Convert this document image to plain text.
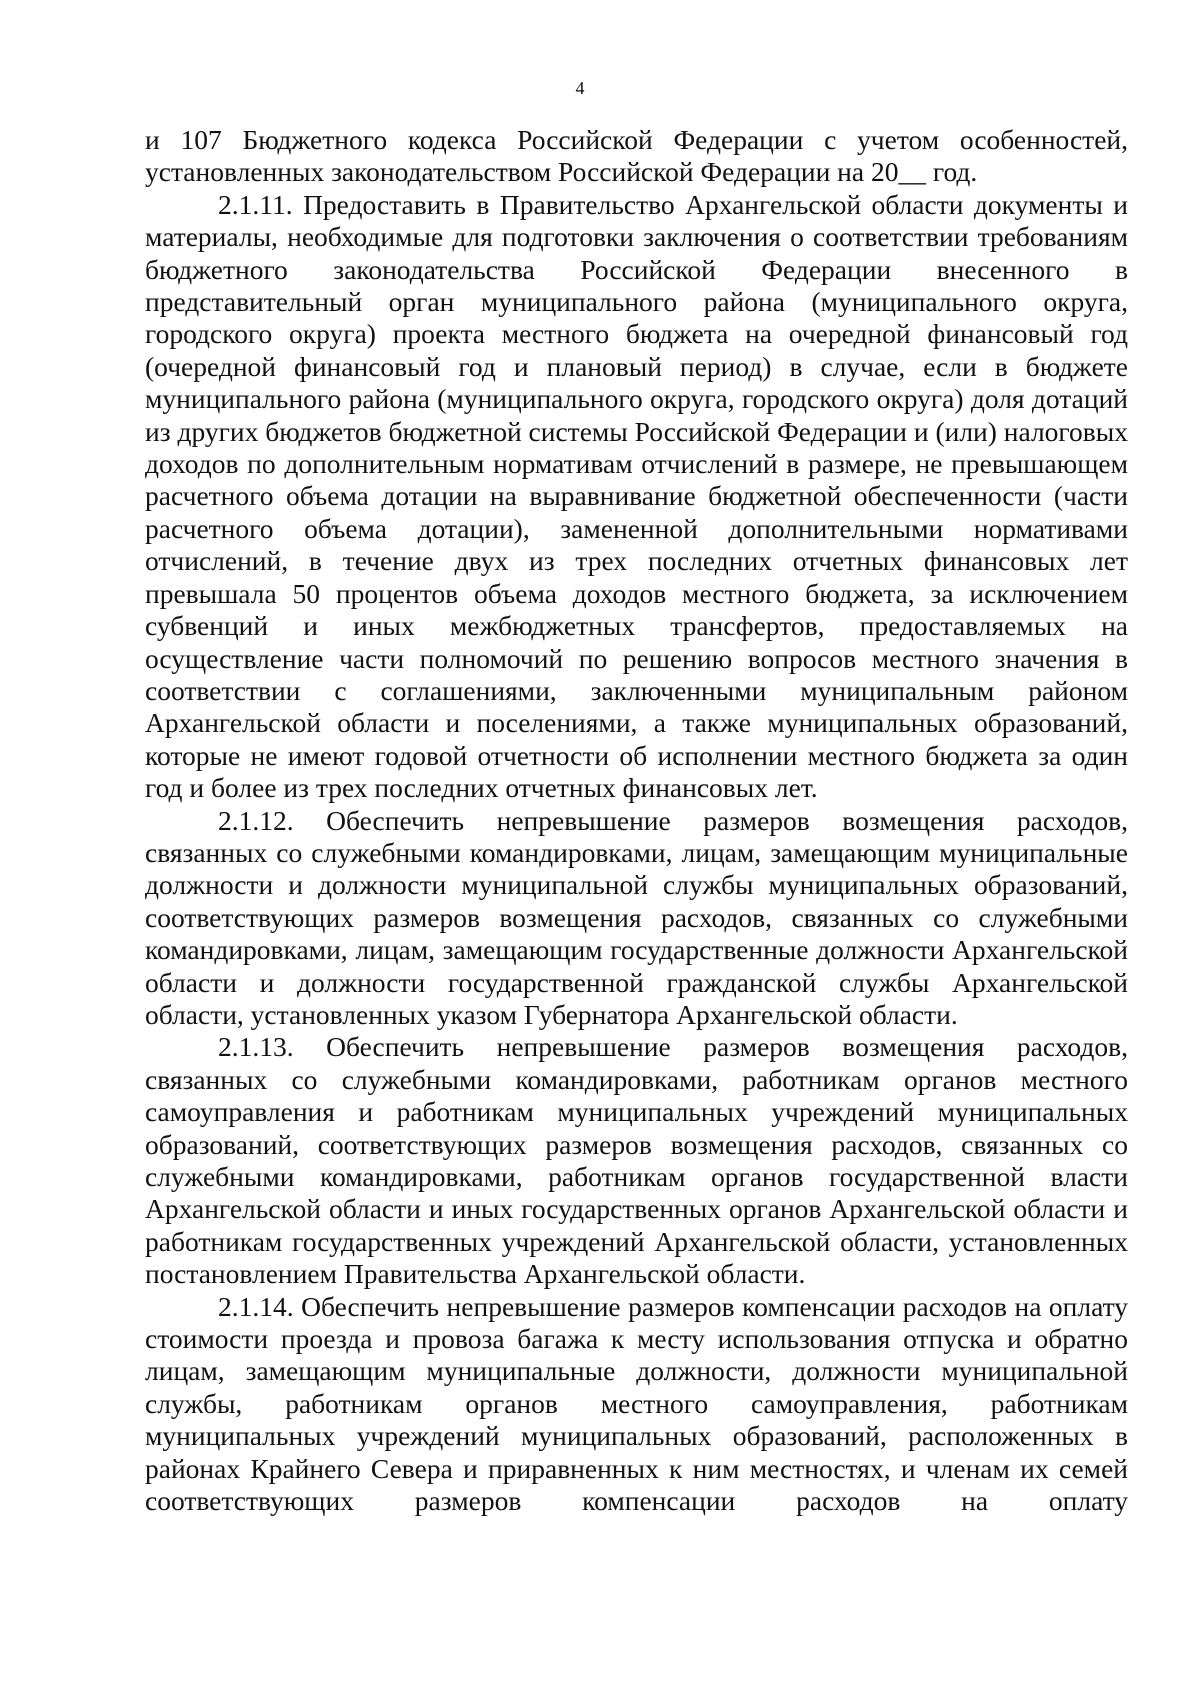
4

и 107 Бюджетного кодекса Российской Федерации с учетом особенностей, установленных законодательством Российской Федерации на 20__ год.

2.1.11. Предоставить в Правительство Архангельской области документы и материалы, необходимые для подготовки заключения о соответствии требованиям бюджетного законодательства Российской Федерации внесенного в представительный орган муниципального района (муниципального округа, городского округа) проекта местного бюджета на очередной финансовый год (очередной финансовый год и плановый период) в случае, если в бюджете муниципального района (муниципального округа, городского округа) доля дотаций из других бюджетов бюджетной системы Российской Федерации и (или) налоговых доходов по дополнительным нормативам отчислений в размере, не превышающем расчетного объема дотации на выравнивание бюджетной обеспеченности (части расчетного объема дотации), замененной дополнительными нормативами отчислений, в течение двух из трех последних отчетных финансовых лет превышала 50 процентов объема доходов местного бюджета, за исключением субвенций и иных межбюджетных трансфертов, предоставляемых на осуществление части полномочий по решению вопросов местного значения в соответствии с соглашениями, заключенными муниципальным районом Архангельской области и поселениями, а также муниципальных образований, которые не имеют годовой отчетности об исполнении местного бюджета за один год и более из трех последних отчетных финансовых лет.

2.1.12. Обеспечить непревышение размеров возмещения расходов, связанных со служебными командировками, лицам, замещающим муниципальные должности и должности муниципальной службы муниципальных образований, соответствующих размеров возмещения расходов, связанных со служебными командировками, лицам, замещающим государственные должности Архангельской области и должности государственной гражданской службы Архангельской области, установленных указом Губернатора Архангельской области.

2.1.13. Обеспечить непревышение размеров возмещения расходов, связанных со служебными командировками, работникам органов местного самоуправления и работникам муниципальных учреждений муниципальных образований, соответствующих размеров возмещения расходов, связанных со служебными командировками, работникам органов государственной власти Архангельской области и иных государственных органов Архангельской области и работникам государственных учреждений Архангельской области, установленных постановлением Правительства Архангельской области.

2.1.14. Обеспечить непревышение размеров компенсации расходов на оплату стоимости проезда и провоза багажа к месту использования отпуска и обратно лицам, замещающим муниципальные должности, должности муниципальной службы, работникам органов местного самоуправления, работникам муниципальных учреждений муниципальных образований, расположенных в районах Крайнего Севера и приравненных к ним местностях, и членам их семей соответствующих размеров компенсации расходов на оплату
